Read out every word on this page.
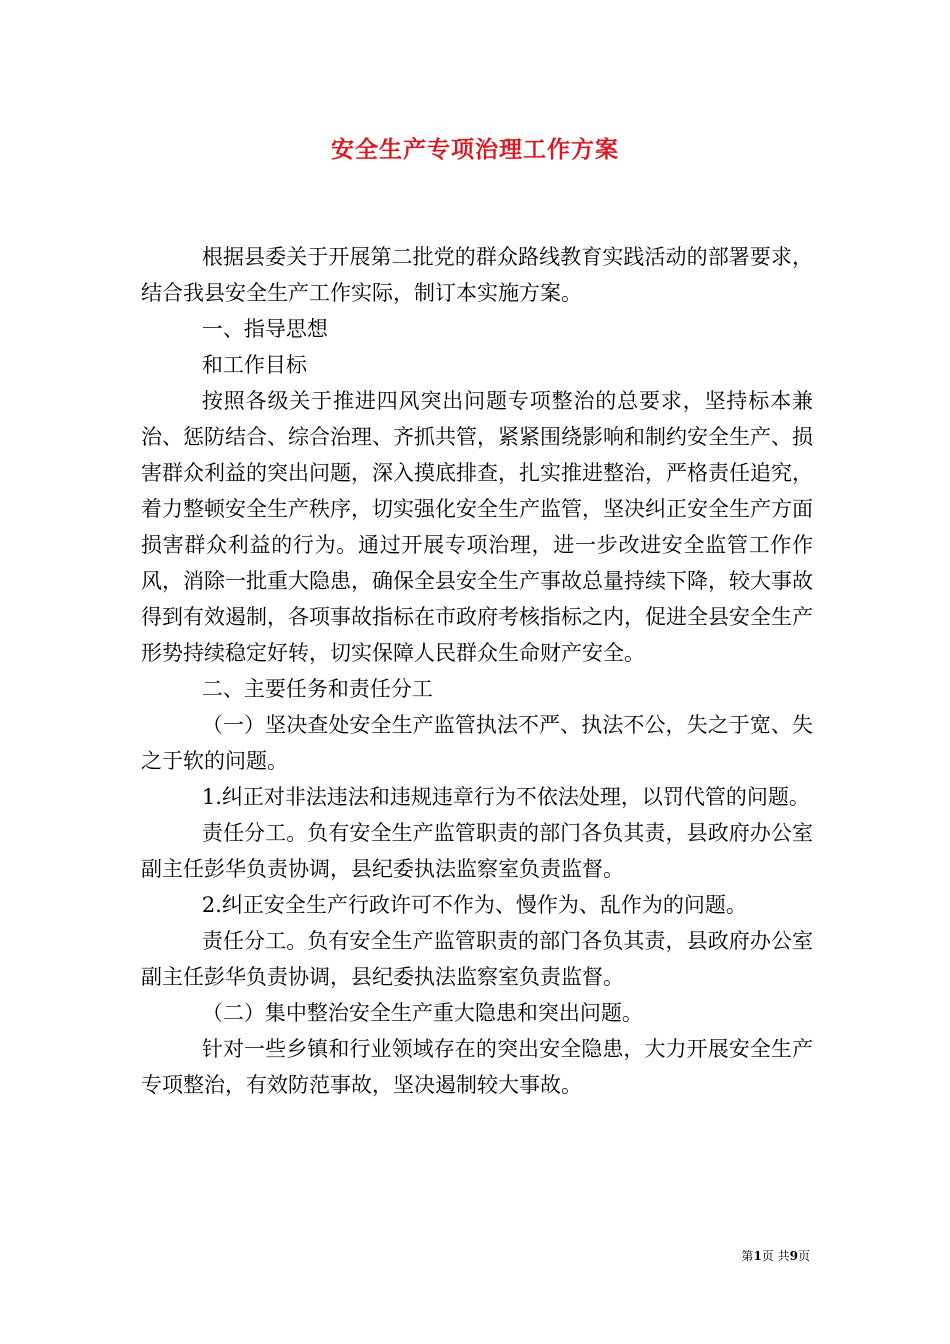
安全生产专项治理工作方案

根据县委关于开展第二批党的群众路线教育实践活动的部署要求，结合我县安全生产工作实际，制订本实施方案。

一、指导思想

和工作目标

按照各级关于推进四风突出问题专项整治的总要求，坚持标本兼治、惩防结合、综合治理、齐抓共管，紧紧围绕影响和制约安全生产、损害群众利益的突出问题，深入摸底排查，扎实推进整治，严格责任追究，着力整顿安全生产秩序，切实强化安全生产监管，坚决纠正安全生产方面损害群众利益的行为。通过开展专项治理，进一步改进安全监管工作作风，消除一批重大隐患，确保全县安全生产事故总量持续下降，较大事故得到有效遏制，各项事故指标在市政府考核指标之内，促进全县安全生产形势持续稳定好转，切实保障人民群众生命财产安全。

二、主要任务和责任分工

（一）坚决查处安全生产监管执法不严、执法不公，失之于宽、失之于软的问题。

1.纠正对非法违法和违规违章行为不依法处理，以罚代管的问题。

责任分工。负有安全生产监管职责的部门各负其责，县政府办公室副主任彭华负责协调，县纪委执法监察室负责监督。

2.纠正安全生产行政许可不作为、慢作为、乱作为的问题。

责任分工。负有安全生产监管职责的部门各负其责，县政府办公室副主任彭华负责协调，县纪委执法监察室负责监督。

（二）集中整治安全生产重大隐患和突出问题。

针对一些乡镇和行业领域存在的突出安全隐患，大力开展安全生产专项整治，有效防范事故，坚决遏制较大事故。

第1页 共9页
